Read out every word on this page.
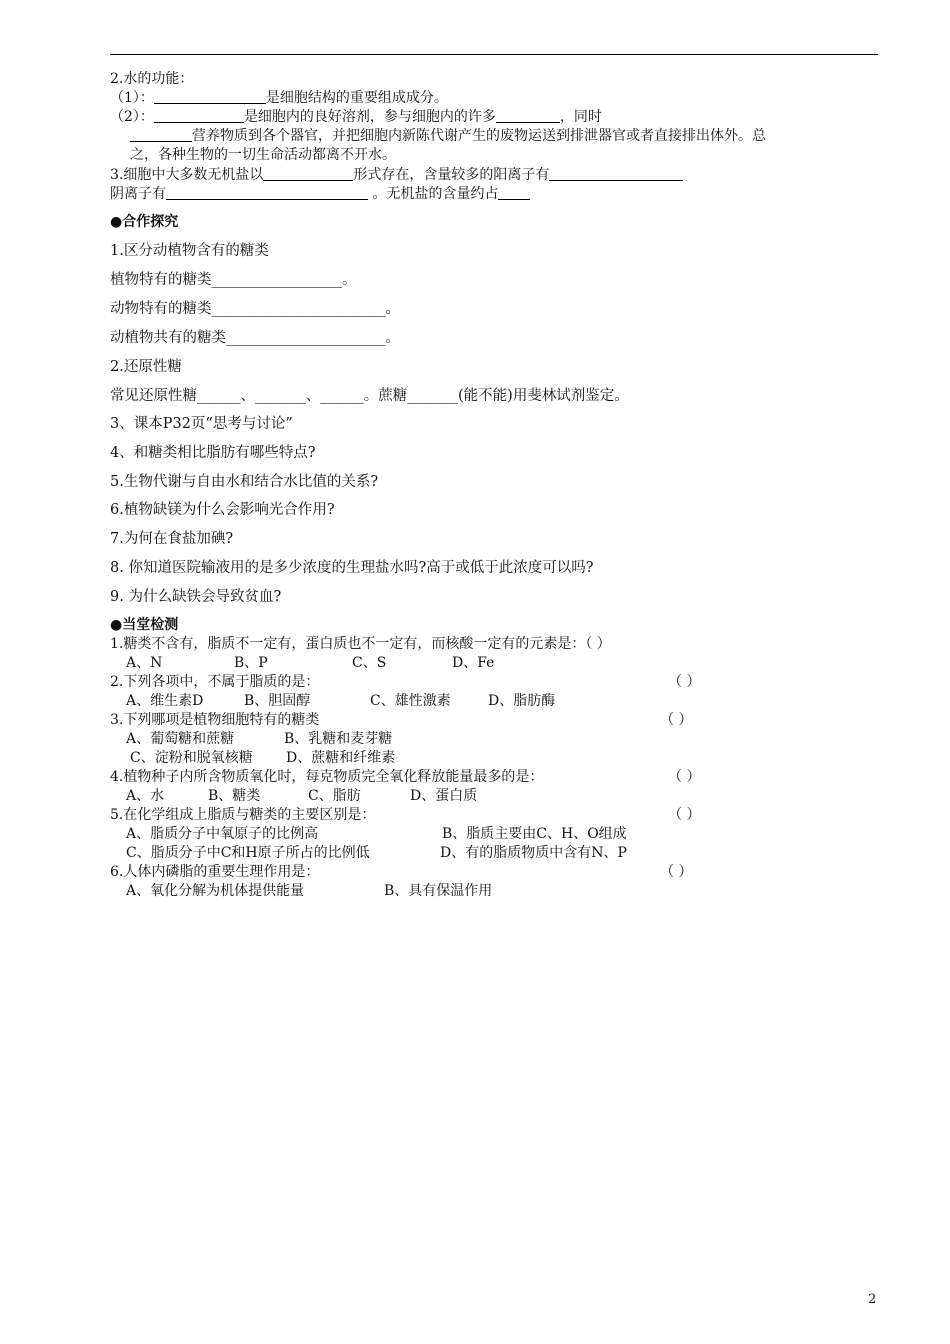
2.水的功能：
（1）：	是细胞结构的重要组成成分。
（2）：	是细胞内的良好溶剂，参与细胞内的许多	，同时
营养物质到各个器官，并把细胞内新陈代谢产生的废物运送到排泄器官或者直接排出体外。总
之，各种生物的一切生命活动都离不开水。
3.细胞中大多数无机盐以	形式存在，含量较多的阳离子有
阴离子有	。无机盐的含量约占
●合作探究
1.区分动植物含有的糖类
植物特有的糖类__________________。
动物特有的糖类________________________。
动植物共有的糖类______________________。
2.还原性糖
常见还原性糖______、_______、______。蔗糖_______(能不能)用斐林试剂鉴定。
3、课本P32页“思考与讨论”
4、和糖类相比脂肪有哪些特点?
5.生物代谢与自由水和结合水比值的关系?
6.植物缺镁为什么会影响光合作用?
7.为何在食盐加碘?
8. 你知道医院输液用的是多少浓度的生理盐水吗?高于或低于此浓度可以吗?
9. 为什么缺铁会导致贫血?
●当堂检测
1.糖类不含有，脂质不一定有，蛋白质也不一定有，而核酸一定有的元素是：（ ）
A、N	B、P	C、S	D、Fe
2.下列各项中，不属于脂质的是：	（ ）
A、维生素D	B、胆固醇	C、雄性激素	D、脂肪酶
3.下列哪项是植物细胞特有的糖类	（ ）
A、葡萄糖和蔗糖	B、乳糖和麦芽糖
C、淀粉和脱氧核糖 D、蔗糖和纤维素
4.植物种子内所含物质氧化时，每克物质完全氧化释放能量最多的是：	（ ）
A、水	B、糖类	C、脂肪	D、蛋白质
5.在化学组成上脂质与糖类的主要区别是：	（ ）
A、脂质分子中氧原子的比例高	B、脂质主要由C、H、O组成
C、脂质分子中C和H原子所占的比例低	D、有的脂质物质中含有N、P
6.人体内磷脂的重要生理作用是：	（ ）
A、氧化分解为机体提供能量	B、具有保温作用
2
